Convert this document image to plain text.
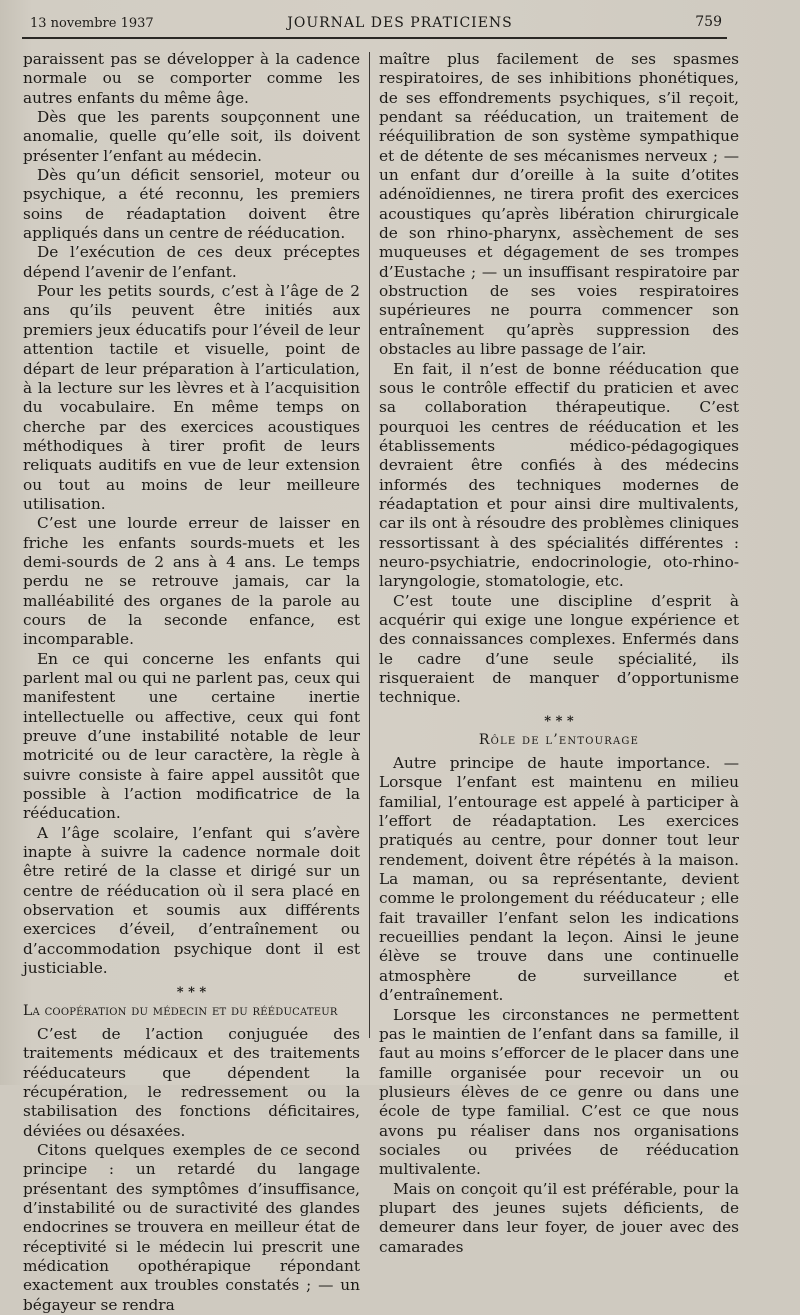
13 novembre 1937	JOURNAL DES PRATICIENS	759

paraissent pas se développer à la cadence normale ou se comporter comme les autres enfants du même âge.

Dès que les parents soupçonnent une anomalie, quelle qu’elle soit, ils doivent présenter l’enfant au médecin.

Dès qu’un déficit sensoriel, moteur ou psychique, a été reconnu, les premiers soins de réadaptation doivent être appliqués dans un centre de rééducation.

De l’exécution de ces deux préceptes dépend l’avenir de l’enfant.

Pour les petits sourds, c’est à l’âge de 2 ans qu’ils peuvent être initiés aux premiers jeux éducatifs pour l’éveil de leur attention tactile et visuelle, point de départ de leur préparation à l’articulation, à la lecture sur les lèvres et à l’acquisition du vocabulaire. En même temps on cherche par des exercices acoustiques méthodiques à tirer profit de leurs reliquats auditifs en vue de leur extension ou tout au moins de leur meilleure utilisation.

C’est une lourde erreur de laisser en friche les enfants sourds-muets et les demi-sourds de 2 ans à 4 ans. Le temps perdu ne se retrouve jamais, car la malléabilité des organes de la parole au cours de la seconde enfance, est incomparable.

En ce qui concerne les enfants qui parlent mal ou qui ne parlent pas, ceux qui manifestent une certaine inertie intellectuelle ou affective, ceux qui font preuve d’une instabilité notable de leur motricité ou de leur caractère, la règle à suivre consiste à faire appel aussitôt que possible à l’action modificatrice de la rééducation.

A l’âge scolaire, l’enfant qui s’avère inapte à suivre la cadence normale doit être retiré de la classe et dirigé sur un centre de rééducation où il sera placé en observation et soumis aux différents exercices d’éveil, d’entraînement ou d’accommodation psychique dont il est justiciable.

* * *

La coopération du médecin et du rééducateur

C’est de l’action conjuguée des traitements médicaux et des traitements rééducateurs que dépendent la récupération, le redressement ou la stabilisation des fonctions déficitaires, déviées ou désaxées.

Citons quelques exemples de ce second principe : un retardé du langage présentant des symptômes d’insuffisance, d’instabilité ou de suractivité des glandes endocrines se trouvera en meilleur état de réceptivité si le médecin lui prescrit une médication opothérapique répondant exactement aux troubles constatés ; — un bégayeur se rendra

maître plus facilement de ses spasmes respiratoires, de ses inhibitions phonétiques, de ses effondrements psychiques, s’il reçoit, pendant sa rééducation, un traitement de rééquilibration de son système sympathique et de détente de ses mécanismes nerveux ; — un enfant dur d’oreille à la suite d’otites adénoïdiennes, ne tirera profit des exercices acoustiques qu’après libération chirurgicale de son rhino-pharynx, assèchement de ses muqueuses et dégagement de ses trompes d’Eustache ; — un insuffisant respiratoire par obstruction de ses voies respiratoires supérieures ne pourra commencer son entraînement qu’après suppression des obstacles au libre passage de l’air.

En fait, il n’est de bonne rééducation que sous le contrôle effectif du praticien et avec sa collaboration thérapeutique. C’est pourquoi les centres de rééducation et les établissements médico-pédagogiques devraient être confiés à des médecins informés des techniques modernes de réadaptation et pour ainsi dire multivalents, car ils ont à résoudre des problèmes cliniques ressortissant à des spécialités différentes : neuro-psychiatrie, endocrinologie, oto-rhino-laryngologie, stomatologie, etc.

C’est toute une discipline d’esprit à acquérir qui exige une longue expérience et des connaissances complexes. Enfermés dans le cadre d’une seule spécialité, ils risqueraient de manquer d’opportunisme technique.

* * *

Rôle de l’entourage

Autre principe de haute importance. — Lorsque l’enfant est maintenu en milieu familial, l’entourage est appelé à participer à l’effort de réadaptation. Les exercices pratiqués au centre, pour donner tout leur rendement, doivent être répétés à la maison. La maman, ou sa représentante, devient comme le prolongement du rééducateur ; elle fait travailler l’enfant selon les indications recueillies pendant la leçon. Ainsi le jeune élève se trouve dans une continuelle atmosphère de surveillance et d’entraînement.

Lorsque les circonstances ne permettent pas le maintien de l’enfant dans sa famille, il faut au moins s’efforcer de le placer dans une famille organisée pour recevoir un ou plusieurs élèves de ce genre ou dans une école de type familial. C’est ce que nous avons pu réaliser dans nos organisations sociales ou privées de rééducation multivalente.

Mais on conçoit qu’il est préférable, pour la plupart des jeunes sujets déficients, de demeurer dans leur foyer, de jouer avec des camarades
